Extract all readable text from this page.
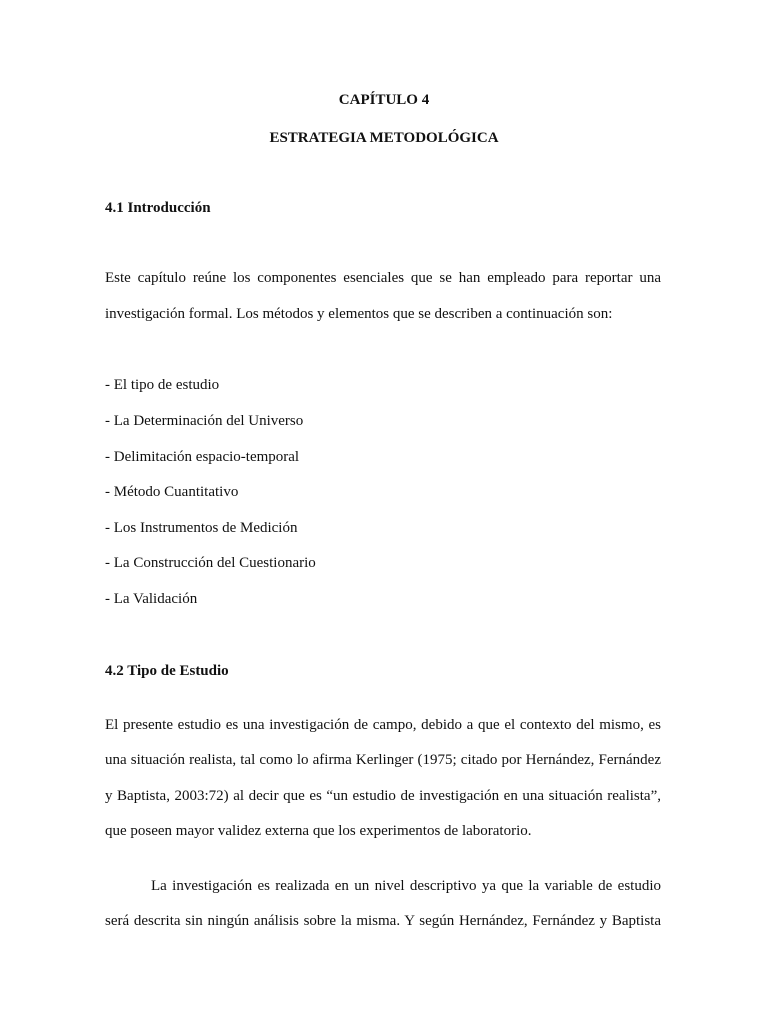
CAPÍTULO 4
ESTRATEGIA METODOLÓGICA
4.1 Introducción
Este capítulo reúne los componentes esenciales que se han empleado para reportar una
investigación formal. Los métodos y elementos que se describen a continuación son:
- El tipo de estudio
- La Determinación del Universo
- Delimitación espacio-temporal
- Método Cuantitativo
- Los Instrumentos de Medición
- La Construcción del Cuestionario
- La Validación
4.2 Tipo de Estudio
El presente estudio es una investigación de campo, debido a que el contexto del mismo, es
una situación realista, tal como lo afirma Kerlinger (1975; citado por Hernández, Fernández
y Baptista, 2003:72) al decir que es “un estudio de investigación en una situación realista”,
que poseen mayor validez externa que los experimentos de laboratorio.
La investigación es realizada en un nivel descriptivo ya que la variable de estudio
será descrita sin ningún análisis sobre la misma. Y según Hernández, Fernández y Baptista
